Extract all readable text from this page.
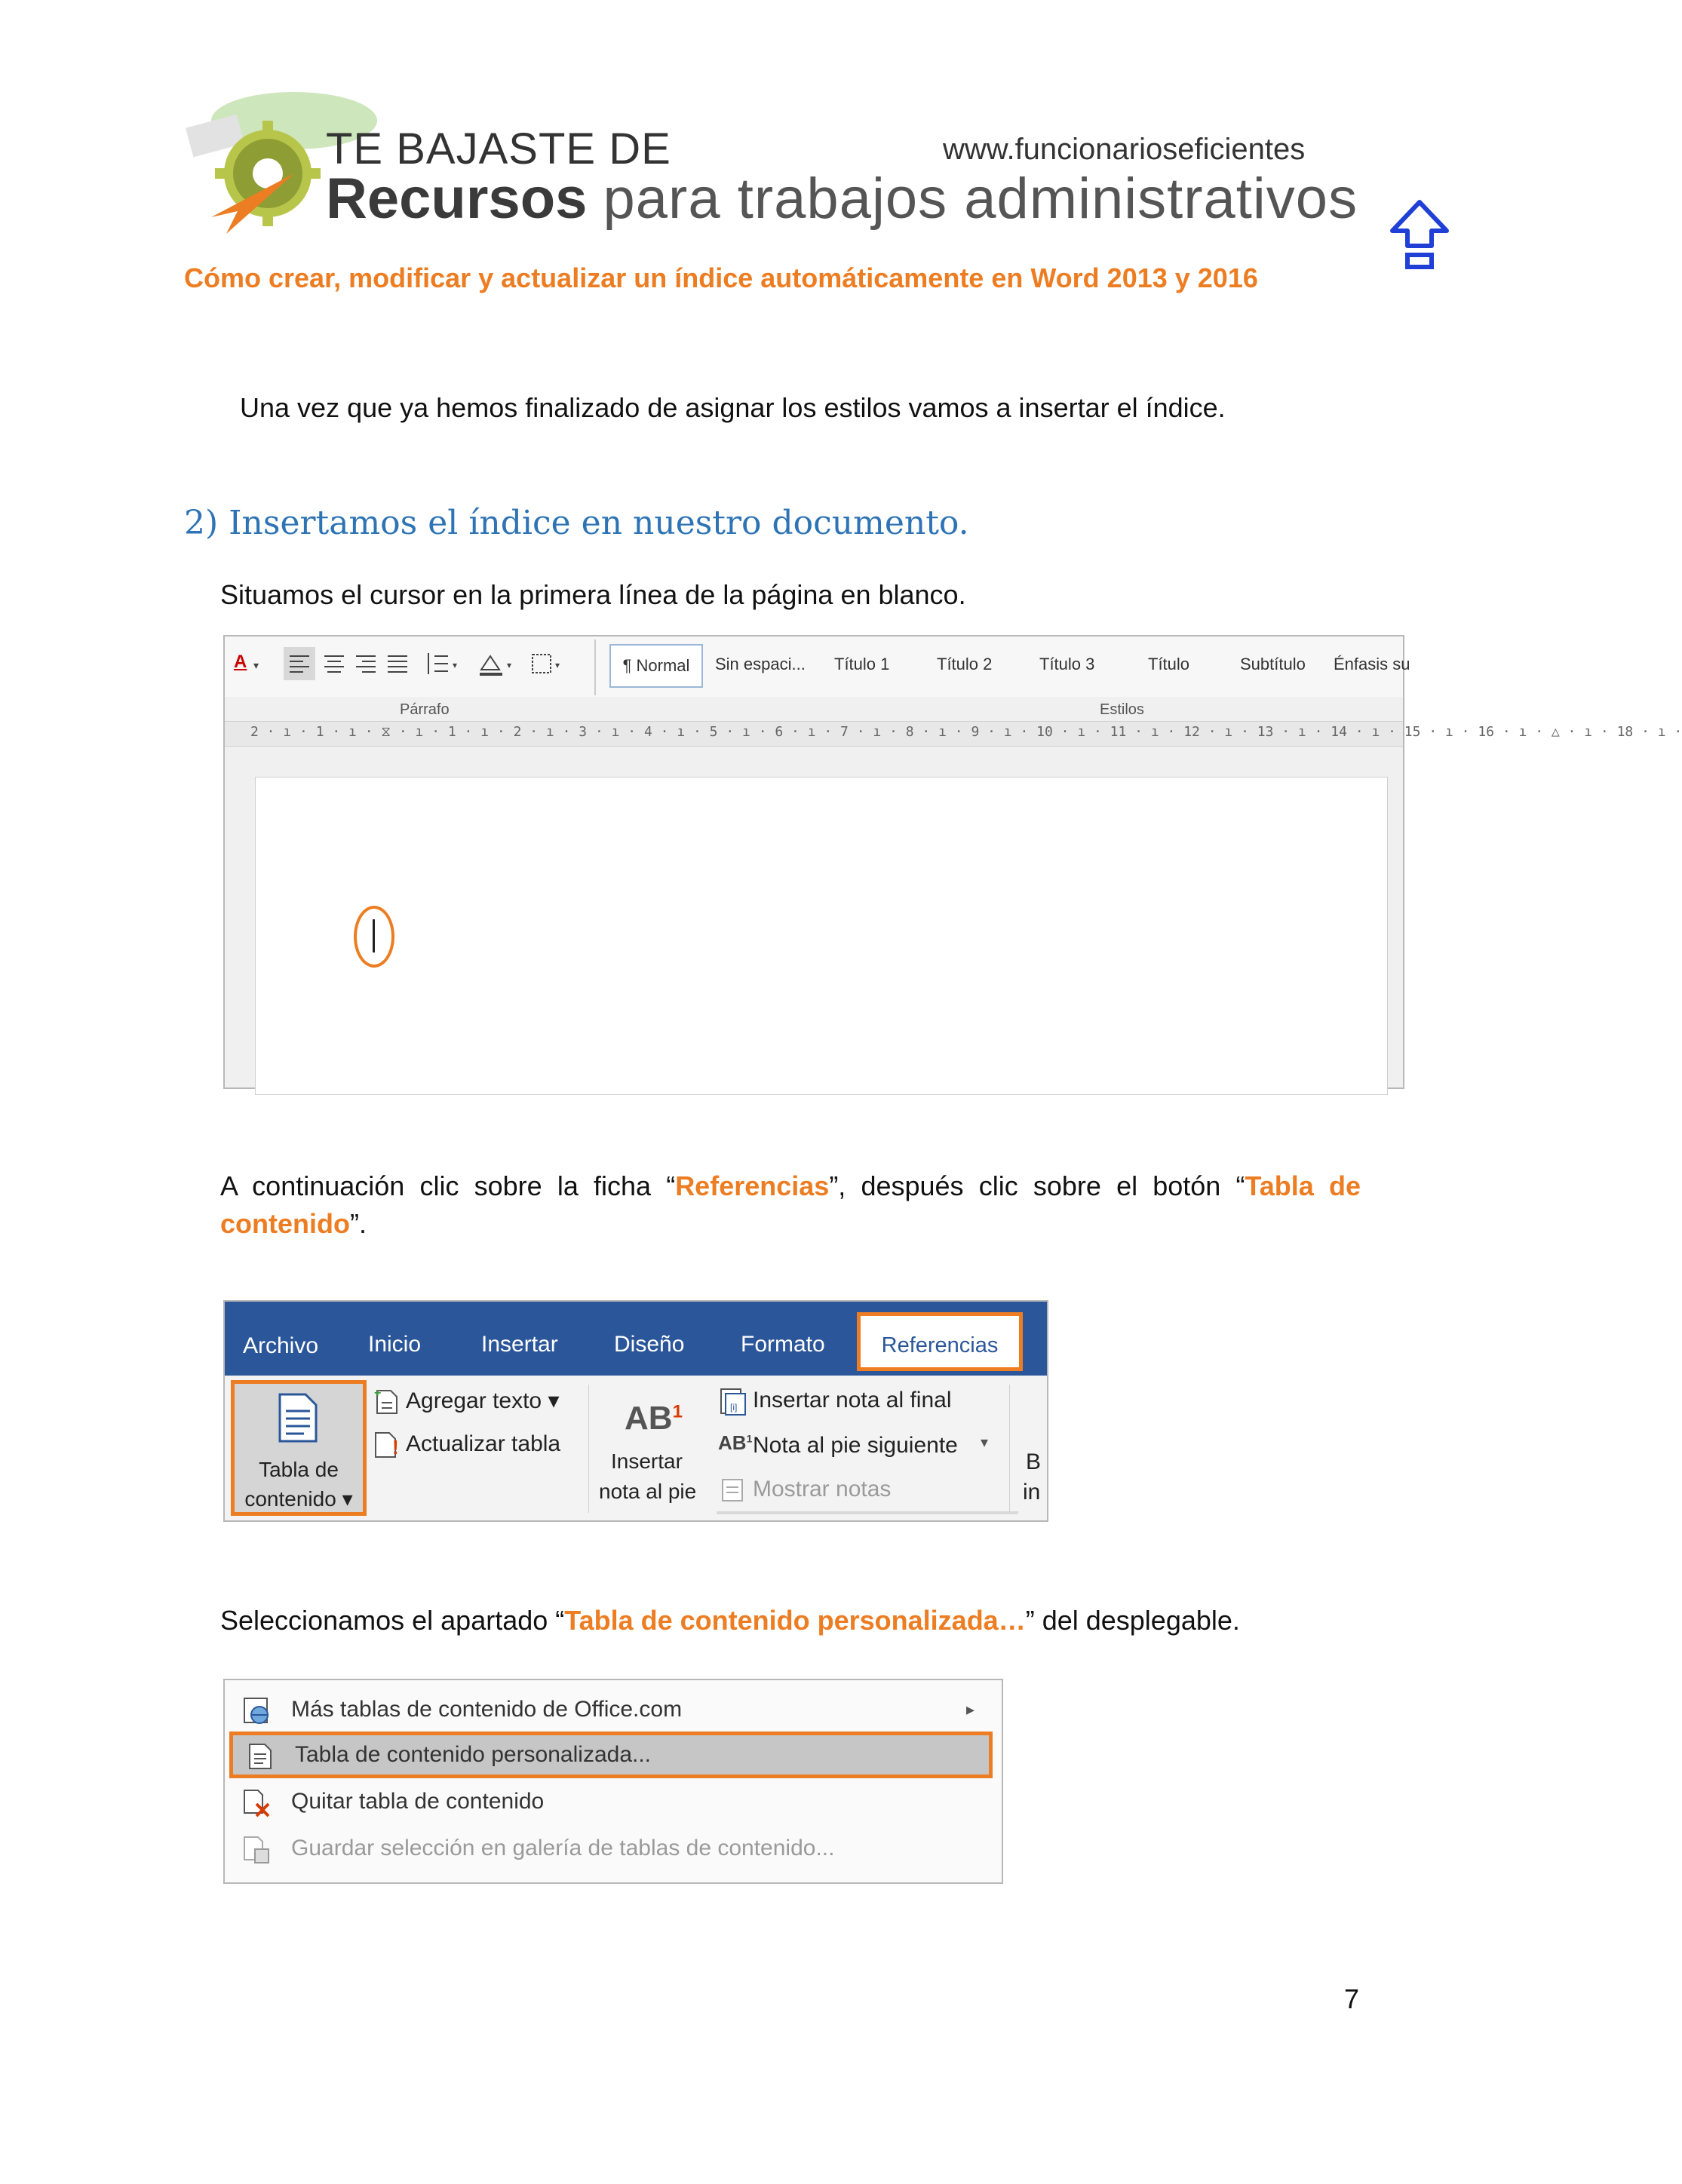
TE BAJASTE DE
Recursos para trabajos administrativos
www.funcionarioseficientes
Cómo crear, modificar y actualizar un índice automáticamente en Word 2013 y 2016
Una vez que ya hemos finalizado de asignar los estilos vamos a insertar el índice.
2) Insertamos el índice en nuestro documento.
Situamos el cursor en la primera línea de la página en blanco.
A ▾	▾	▾	▾	¶ Normal	Sin espaci... Título 1	Título 2	Título 3	Título	Subtítulo Énfasis su
Párrafo	Estilos
2 · ı · 1 · ı · ⧖ · ı · 1 · ı · 2 · ı · 3 · ı · 4 · ı · 5 · ı · 6 · ı · 7 · ı · 8 · ı · 9 · ı · 10 · ı · 11 · ı · 12 · ı · 13 · ı · 14 · ı · 15 · ı · 16 · ı · △ · ı · 18 · ı ·
A continuación clic sobre la ficha “Referencias”, después clic sobre el botón “Tabla de contenido”.
Archivo Inicio	Insertar Diseño Formato	Referencias
Tabla de
contenido ▾
+ Agregar texto ▾
! Actualizar tabla
$AB^1$
Insertar
nota al pie
[i] Insertar nota al final
$AB^1$ Nota al pie siguiente ▾
Mostrar notas
B
in
Seleccionamos el apartado “Tabla de contenido personalizada…” del desplegable.
Más tablas de contenido de Office.com	▸
Tabla de contenido personalizada...
Quitar tabla de contenido
Guardar selección en galería de tablas de contenido...
7
